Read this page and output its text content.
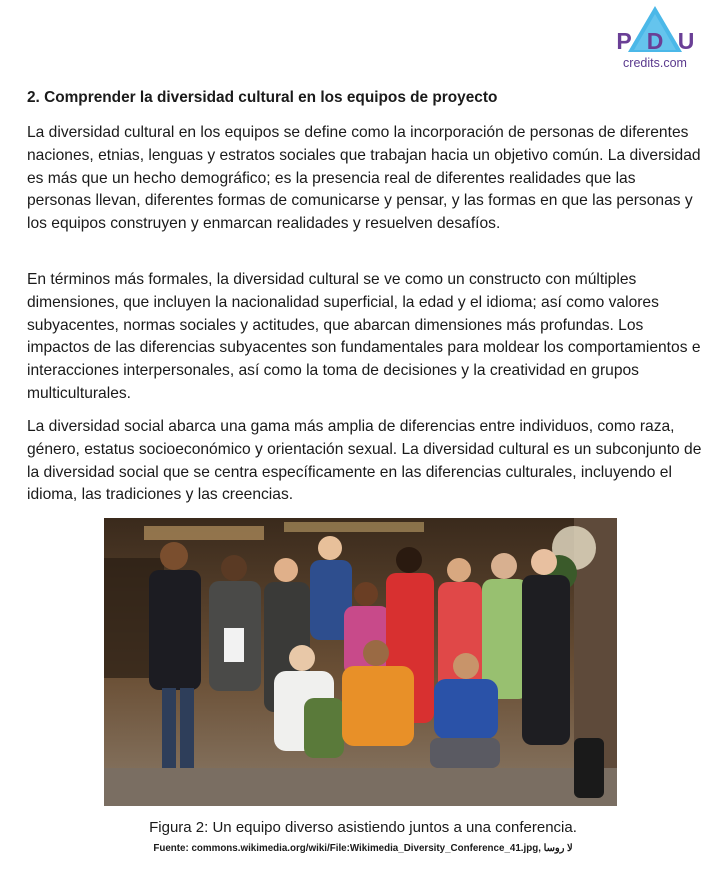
P D U
credits.com
2. Comprender la diversidad cultural en los equipos de proyecto

La diversidad cultural en los equipos se define como la incorporación de personas de diferentes naciones, etnias, lenguas y estratos sociales que trabajan hacia un objetivo común. La diversidad es más que un hecho demográfico; es la presencia real de diferentes realidades que las personas llevan, diferentes formas de comunicarse y pensar, y las formas en que las personas y los equipos construyen y enmarcan realidades y resuelven desafíos.

En términos más formales, la diversidad cultural se ve como un constructo con múltiples dimensiones, que incluyen la nacionalidad superficial, la edad y el idioma; así como valores subyacentes, normas sociales y actitudes, que abarcan dimensiones más profundas. Los impactos de las diferencias subyacentes son fundamentales para moldear los comportamientos e interacciones interpersonales, así como la toma de decisiones y la creatividad en grupos multiculturales.

La diversidad social abarca una gama más amplia de diferencias entre individuos, como raza, género, estatus socioeconómico y orientación sexual. La diversidad cultural es un subconjunto de la diversidad social que se centra específicamente en las diferencias culturales, incluyendo el idioma, las tradiciones y las creencias.

Figura 2: Un equipo diverso asistiendo juntos a una conferencia.
Fuente: commons.wikimedia.org/wiki/File:Wikimedia_Diversity_Conference_41.jpg, لا روسا
